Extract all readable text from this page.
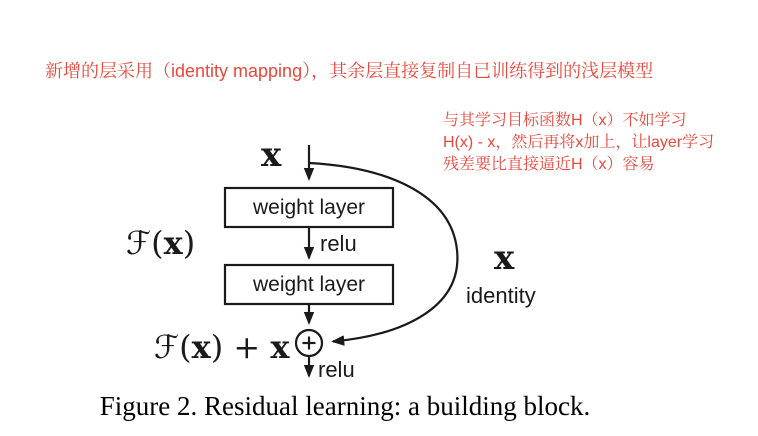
新增的层采用（identity mapping），其余层直接复制自已训练得到的浅层模型
与其学习目标函数H（x）不如学习
H(x) - x，然后再将x加上，让layer学习
残差要比直接逼近H（x）容易
x
weight layer
relu
weight layer
ℱ(x)
ℱ(x) + x
x
identity
relu
Figure 2. Residual learning: a building block.
